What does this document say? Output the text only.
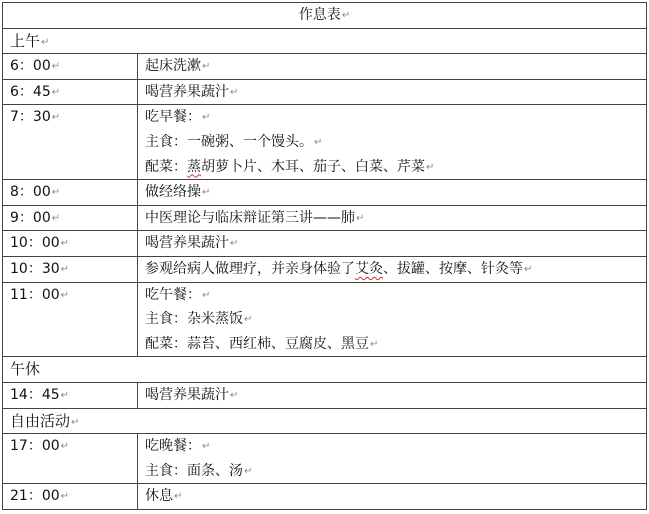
作息表↵	

上午↵	

6：00↵	起床洗漱↵

6：45↵	喝营养果蔬汁↵

7：30↵	吃早餐：↵
主食：一碗粥、一个馒头。↵
配菜：蒸胡萝卜片、木耳、茄子、白菜、芹菜↵

8：00↵	做经络操↵

9：00↵	中医理论与临床辩证第三讲——肺↵

10：00↵	喝营养果蔬汁↵

10：30↵	参观给病人做理疗，并亲身体验了艾灸、拔罐、按摩、针灸等↵

11：00↵	吃午餐：↵
主食：杂米蒸饭↵
配菜：蒜苔、西红柿、豆腐皮、黑豆↵

午休	

14：45↵	喝营养果蔬汁↵

自由活动↵	

17：00↵	吃晚餐：↵
主食：面条、汤↵

21：00↵	休息↵
